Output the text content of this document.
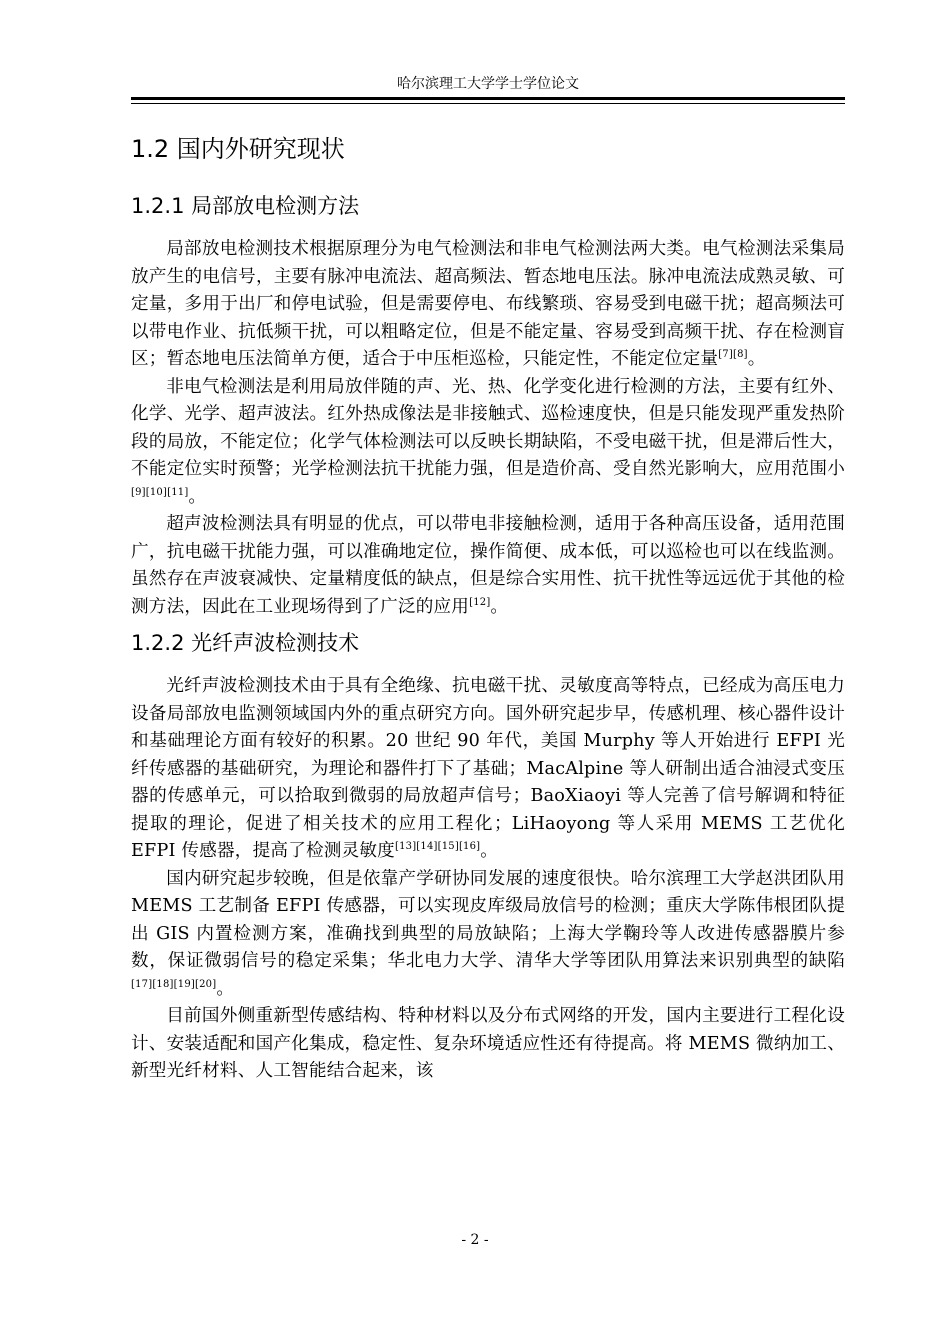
哈尔滨理工大学学士学位论文
1.2 国内外研究现状
1.2.1 局部放电检测方法

局部放电检测技术根据原理分为电气检测法和非电气检测法两大类。电气检测法采集局放产生的电信号，主要有脉冲电流法、超高频法、暂态地电压法。脉冲电流法成熟灵敏、可定量，多用于出厂和停电试验，但是需要停电、布线繁琐、容易受到电磁干扰；超高频法可以带电作业、抗低频干扰，可以粗略定位，但是不能定量、容易受到高频干扰、存在检测盲区；暂态地电压法简单方便，适合于中压柜巡检，只能定性，不能定位定量[7][8]。

非电气检测法是利用局放伴随的声、光、热、化学变化进行检测的方法，主要有红外、化学、光学、超声波法。红外热成像法是非接触式、巡检速度快，但是只能发现严重发热阶段的局放，不能定位；化学气体检测法可以反映长期缺陷，不受电磁干扰，但是滞后性大，不能定位实时预警；光学检测法抗干扰能力强，但是造价高、受自然光影响大，应用范围小[9][10][11]。

超声波检测法具有明显的优点，可以带电非接触检测，适用于各种高压设备，适用范围广，抗电磁干扰能力强，可以准确地定位，操作简便、成本低，可以巡检也可以在线监测。虽然存在声波衰减快、定量精度低的缺点，但是综合实用性、抗干扰性等远远优于其他的检测方法，因此在工业现场得到了广泛的应用[12]。

1.2.2 光纤声波检测技术

光纤声波检测技术由于具有全绝缘、抗电磁干扰、灵敏度高等特点，已经成为高压电力设备局部放电监测领域国内外的重点研究方向。国外研究起步早，传感机理、核心器件设计和基础理论方面有较好的积累。20 世纪 90 年代，美国 Murphy 等人开始进行 EFPI 光纤传感器的基础研究，为理论和器件打下了基础；MacAlpine 等人研制出适合油浸式变压器的传感单元，可以拾取到微弱的局放超声信号；BaoXiaoyi 等人完善了信号解调和特征提取的理论，促进了相关技术的应用工程化；LiHaoyong 等人采用 MEMS 工艺优化 EFPI 传感器，提高了检测灵敏度[13][14][15][16]。

国内研究起步较晚，但是依靠产学研协同发展的速度很快。哈尔滨理工大学赵洪团队用 MEMS 工艺制备 EFPI 传感器，可以实现皮库级局放信号的检测；重庆大学陈伟根团队提出 GIS 内置检测方案，准确找到典型的局放缺陷；上海大学鞠玲等人改进传感器膜片参数，保证微弱信号的稳定采集；华北电力大学、清华大学等团队用算法来识别典型的缺陷[17][18][19][20]。

目前国外侧重新型传感结构、特种材料以及分布式网络的开发，国内主要进行工程化设计、安装适配和国产化集成，稳定性、复杂环境适应性还有待提高。将 MEMS 微纳加工、新型光纤材料、人工智能结合起来，该

- 2 -
